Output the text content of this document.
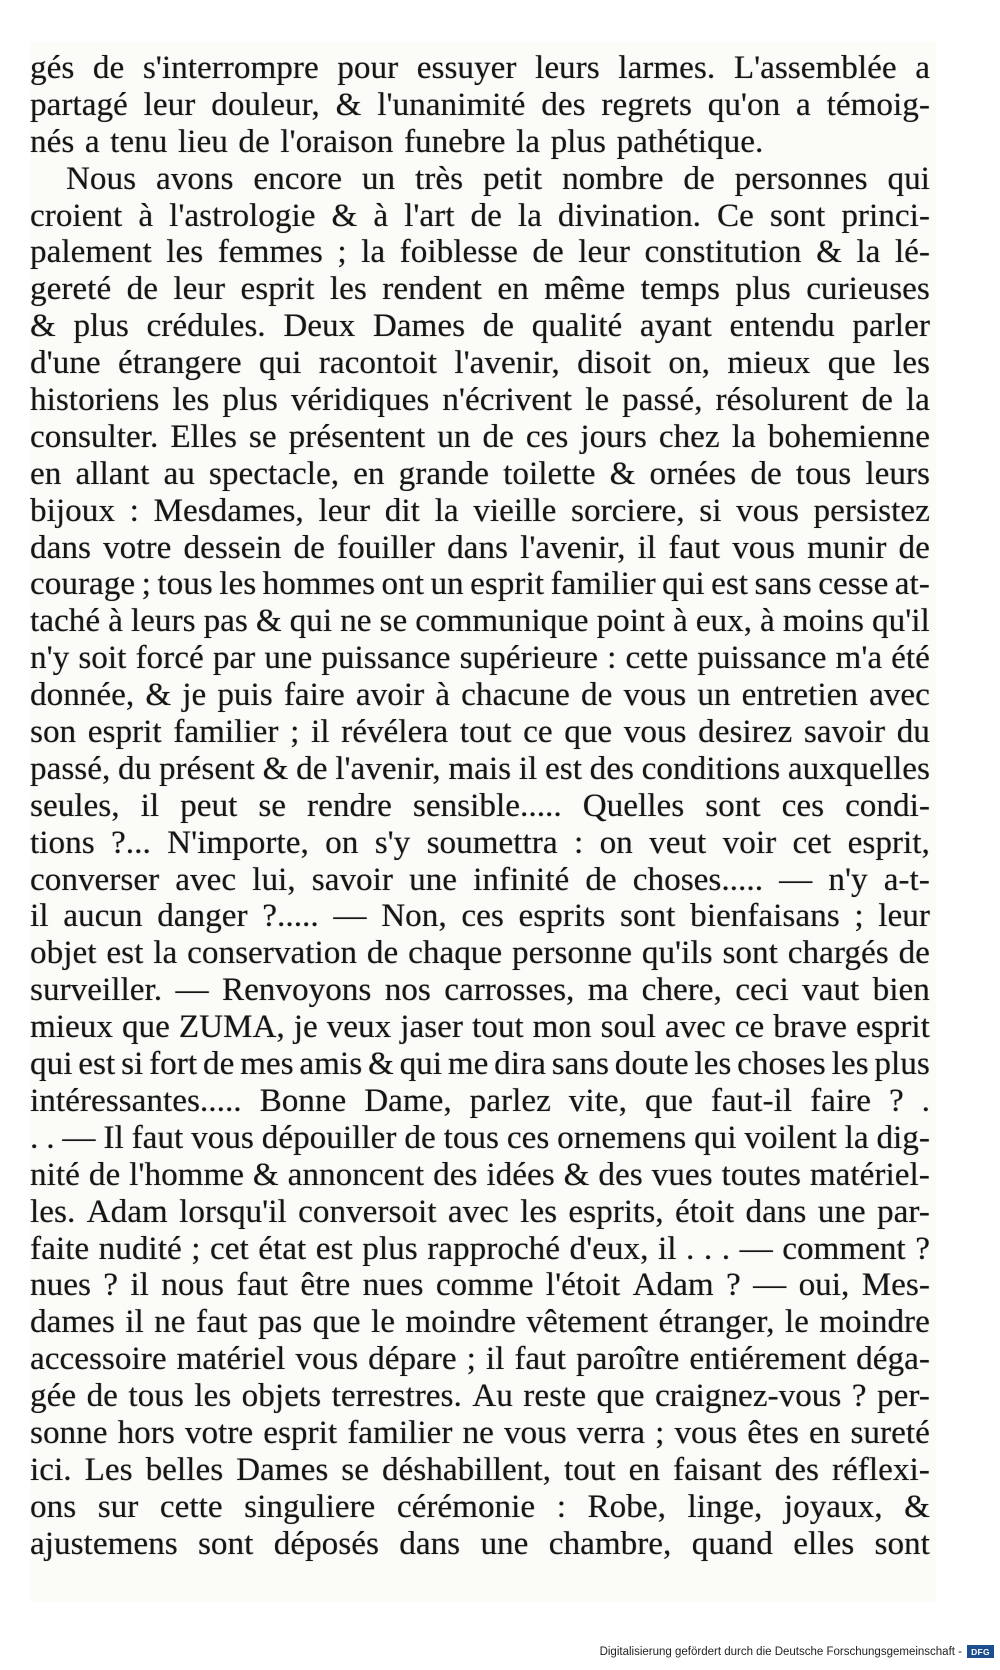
gés de s'interrompre pour essuyer leurs larmes. L'assemblée a
partagé leur douleur, & l'unanimité des regrets qu'on a témoig-
nés a tenu lieu de l'oraison funebre la plus pathétique.
Nous avons encore un très petit nombre de personnes qui
croient à l'astrologie & à l'art de la divination. Ce sont princi-
palement les femmes ; la foiblesse de leur constitution & la lé-
gereté de leur esprit les rendent en même temps plus curieuses
& plus crédules. Deux Dames de qualité ayant entendu parler
d'une étrangere qui racontoit l'avenir, disoit on, mieux que les
historiens les plus véridiques n'écrivent le passé, résolurent de la
consulter. Elles se présentent un de ces jours chez la bohemienne
en allant au spectacle, en grande toilette & ornées de tous leurs
bijoux : Mesdames, leur dit la vieille sorciere, si vous persistez
dans votre dessein de fouiller dans l'avenir, il faut vous munir de
courage ; tous les hommes ont un esprit familier qui est sans cesse at-
taché à leurs pas & qui ne se communique point à eux, à moins qu'il
n'y soit forcé par une puissance supérieure : cette puissance m'a été
donnée, & je puis faire avoir à chacune de vous un entretien avec
son esprit familier ; il révélera tout ce que vous desirez savoir du
passé, du présent & de l'avenir, mais il est des conditions auxquelles
seules, il peut se rendre sensible..... Quelles sont ces condi-
tions ?... N'importe, on s'y soumettra : on veut voir cet esprit,
converser avec lui, savoir une infinité de choses..... — n'y a-t-
il aucun danger ?..... — Non, ces esprits sont bienfaisans ; leur
objet est la conservation de chaque personne qu'ils sont chargés de
surveiller. — Renvoyons nos carrosses, ma chere, ceci vaut bien
mieux que ZUMA, je veux jaser tout mon soul avec ce brave esprit
qui est si fort de mes amis & qui me dira sans doute les choses les plus
intéressantes..... Bonne Dame, parlez vite, que faut-il faire ? .
. . — Il faut vous dépouiller de tous ces ornemens qui voilent la dig-
nité de l'homme & annoncent des idées & des vues toutes matériel-
les. Adam lorsqu'il conversoit avec les esprits, étoit dans une par-
faite nudité ; cet état est plus rapproché d'eux, il . . . — comment ?
nues ? il nous faut être nues comme l'étoit Adam ? — oui, Mes-
dames il ne faut pas que le moindre vêtement étranger, le moindre
accessoire matériel vous dépare ; il faut paroître entiérement déga-
gée de tous les objets terrestres. Au reste que craignez-vous ? per-
sonne hors votre esprit familier ne vous verra ; vous êtes en sureté
ici. Les belles Dames se déshabillent, tout en faisant des réflexi-
ons sur cette singuliere cérémonie : Robe, linge, joyaux, &
ajustemens sont déposés dans une chambre, quand elles sont
Digitalisierung gefördert durch die Deutsche Forschungsgemeinschaft -	DFG
